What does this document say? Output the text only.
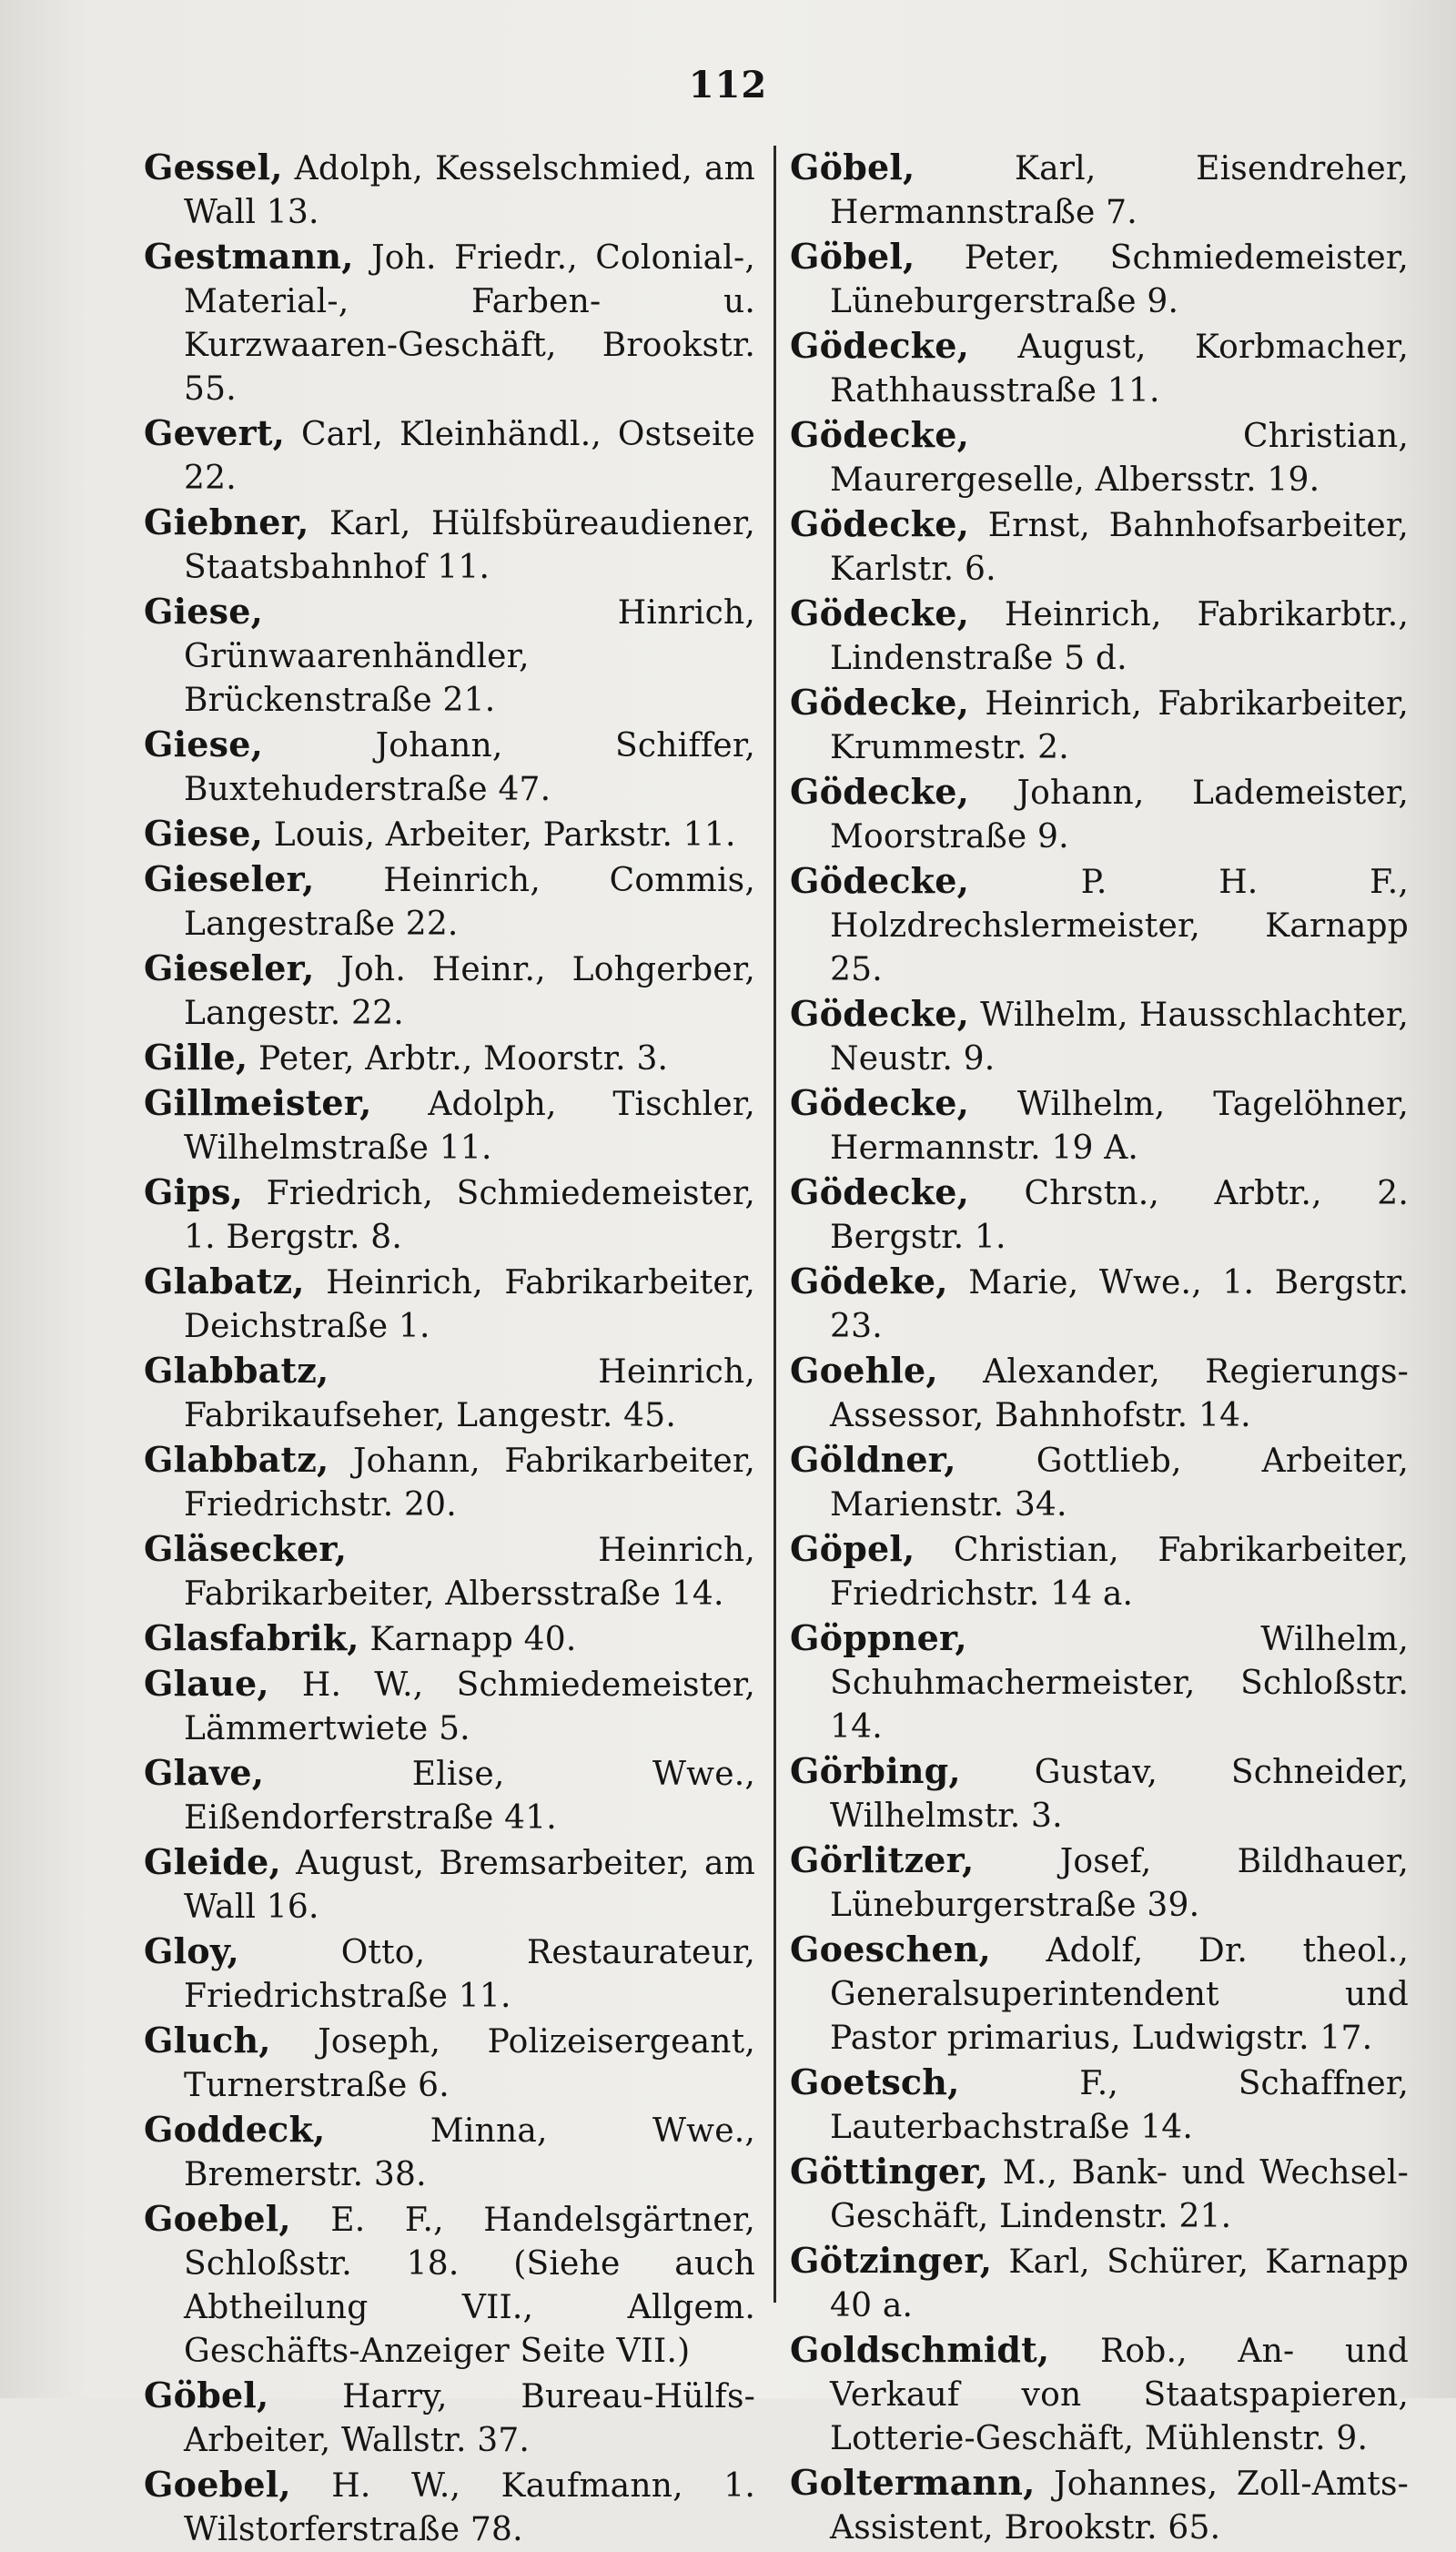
112
Gessel, Adolph, Kesselschmied, am Wall 13.
Gestmann, Joh. Friedr., Colonial-, Material-, Farben- u. Kurzwaaren-Geschäft, Brookstr. 55.
Gevert, Carl, Kleinhändl., Ostseite 22.
Giebner, Karl, Hülfsbüreaudiener, Staatsbahnhof 11.
Giese,	Hinrich, Grünwaarenhändler, Brückenstraße 21.
Giese,	Johann, Schiffer, Buxtehuderstraße 47.
Giese, Louis, Arbeiter, Parkstr. 11.
Gieseler, Heinrich, Commis, Langestraße 22.
Gieseler, Joh. Heinr., Lohgerber, Langestr. 22.
Gille, Peter, Arbtr., Moorstr. 3.
Gillmeister, Adolph, Tischler, Wilhelmstraße 11.
Gips, Friedrich, Schmiedemeister, 1. Bergstr. 8.
Glabatz, Heinrich, Fabrikarbeiter, Deichstraße 1.
Glabbatz,	Heinrich, Fabrikaufseher, Langestr. 45.
Glabbatz, Johann, Fabrikarbeiter, Friedrichstr. 20.
Gläsecker,	Heinrich, Fabrikarbeiter, Albersstraße 14.
Glasfabrik, Karnapp 40.
Glaue, H. W., Schmiedemeister, Lämmertwiete 5.
Glave,	Elise, Wwe., Eißendorferstraße 41.
Gleide, August, Bremsarbeiter, am Wall 16.
Gloy,	Otto, Restaurateur, Friedrichstraße 11.
Gluch, Joseph, Polizeisergeant, Turnerstraße 6.
Goddeck,	Minna, Wwe., Bremerstr. 38.
Goebel, E. F., Handelsgärtner, Schloßstr. 18. (Siehe auch Abtheilung VII., Allgem. Geschäfts-Anzeiger Seite VII.)
Göbel, Harry, Bureau-Hülfs-Arbeiter, Wallstr. 37.
Goebel, H. W., Kaufmann, 1. Wilstorferstraße 78.
Göbel,	Karl, Eisendreher, Hermannstraße 7.
Göbel, Peter, Schmiedemeister, Lüneburgerstraße 9.
Gödecke, August, Korbmacher, Rathhausstraße 11.
Gödecke,	Christian, Maurergeselle, Albersstr. 19.
Gödecke, Ernst, Bahnhofsarbeiter, Karlstr. 6.
Gödecke, Heinrich, Fabrikarbtr., Lindenstraße 5 d.
Gödecke, Heinrich, Fabrikarbeiter, Krummestr. 2.
Gödecke, Johann, Lademeister, Moorstraße 9.
Gödecke,	P. H. F., Holzdrechslermeister, Karnapp 25.
Gödecke, Wilhelm, Hausschlachter, Neustr. 9.
Gödecke, Wilhelm, Tagelöhner, Hermannstr. 19 A.
Gödecke, Chrstn., Arbtr., 2. Bergstr. 1.
Gödeke, Marie, Wwe., 1. Bergstr. 23.
Goehle, Alexander, Regierungs-Assessor, Bahnhofstr. 14.
Göldner, Gottlieb, Arbeiter, Marienstr. 34.
Göpel, Christian, Fabrikarbeiter, Friedrichstr. 14 a.
Göppner,	Wilhelm, Schuhmachermeister, Schloßstr. 14.
Görbing, Gustav, Schneider, Wilhelmstr. 3.
Görlitzer,	Josef, Bildhauer, Lüneburgerstraße 39.
Goeschen, Adolf, Dr. theol., Generalsuperintendent und Pastor primarius, Ludwigstr. 17.
Goetsch,	F., Schaffner, Lauterbachstraße 14.
Göttinger, M., Bank- und Wechsel-Geschäft, Lindenstr. 21.
Götzinger, Karl, Schürer, Karnapp 40 a.
Goldschmidt, Rob., An- und Verkauf von Staatspapieren, Lotterie-Geschäft, Mühlenstr. 9.
Goltermann, Johannes, Zoll-Amts-Assistent, Brookstr. 65.
